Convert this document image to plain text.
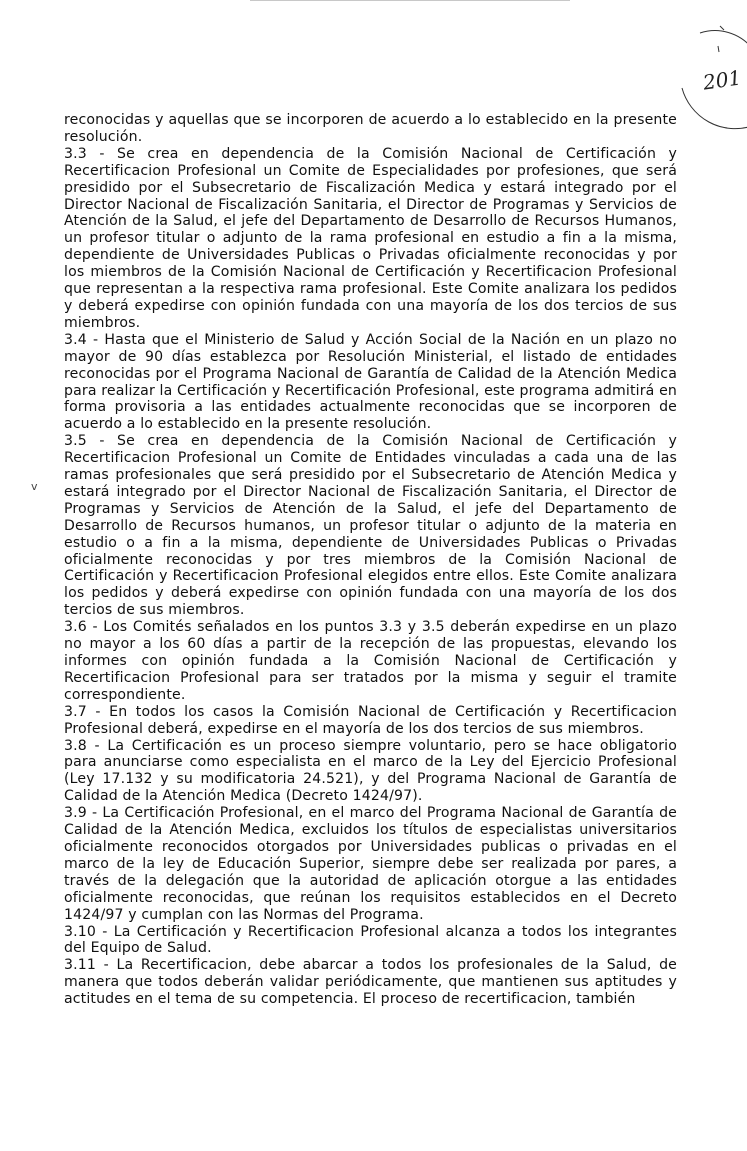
201
v

reconocidas y aquellas que se incorporen de acuerdo a lo establecido en la presente resolución.

3.3 - Se crea en dependencia de la Comisión Nacional de Certificación y Recertificacion Profesional un Comite de Especialidades por profesiones, que será presidido por el Subsecretario de Fiscalización Medica y estará integrado por el Director Nacional de Fiscalización Sanitaria, el Director de Programas y Servicios de Atención de la Salud, el jefe del Departamento de Desarrollo de Recursos Humanos, un profesor titular o adjunto de la rama profesional en estudio a fin a la misma, dependiente de Universidades Publicas o Privadas oficialmente reconocidas y por los miembros de la Comisión Nacional de Certificación y Recertificacion Profesional que representan a la respectiva rama profesional. Este Comite analizara los pedidos y deberá expedirse con opinión fundada con una mayoría de los dos tercios de sus miembros.

3.4 - Hasta que el Ministerio de Salud y Acción Social de la Nación en un plazo no mayor de 90 días establezca por Resolución Ministerial, el listado de entidades reconocidas por el Programa Nacional de Garantía de Calidad de la Atención Medica para realizar la Certificación y Recertificación Profesional, este programa admitirá en forma provisoria a las entidades actualmente reconocidas que se incorporen de acuerdo a lo establecido en la presente resolución.

3.5 - Se crea en dependencia de la Comisión Nacional de Certificación y Recertificacion Profesional un Comite de Entidades vinculadas a cada una de las ramas profesionales que será presidido por el Subsecretario de Atención Medica y estará integrado por el Director Nacional de Fiscalización Sanitaria, el Director de Programas y Servicios de Atención de la Salud, el jefe del Departamento de Desarrollo de Recursos humanos, un profesor titular o adjunto de la materia en estudio o a fin a la misma, dependiente de Universidades Publicas o Privadas oficialmente reconocidas y por tres miembros de la Comisión Nacional de Certificación y Recertificacion Profesional elegidos entre ellos. Este Comite analizara los pedidos y deberá expedirse con opinión fundada con una mayoría de los dos tercios de sus miembros.

3.6 - Los Comités señalados en los puntos 3.3 y 3.5 deberán expedirse en un plazo no mayor a los 60 días a partir de la recepción de las propuestas, elevando los informes con opinión fundada a la Comisión Nacional de Certificación y Recertificacion Profesional para ser tratados por la misma y seguir el tramite correspondiente.

3.7 - En todos los casos la Comisión Nacional de Certificación y Recertificacion Profesional deberá, expedirse en el mayoría de los dos tercios de sus miembros.

3.8 - La Certificación es un proceso siempre voluntario, pero se hace obligatorio para anunciarse como especialista en el marco de la Ley del Ejercicio Profesional (Ley 17.132 y su modificatoria 24.521), y del Programa Nacional de Garantía de Calidad de la Atención Medica (Decreto 1424/97).

3.9 - La Certificación Profesional, en el marco del Programa Nacional de Garantía de Calidad de la Atención Medica, excluidos los títulos de especialistas universitarios oficialmente reconocidos otorgados por Universidades publicas o privadas en el marco de la ley de Educación Superior, siempre debe ser realizada por pares, a través de la delegación que la autoridad de aplicación otorgue a las entidades oficialmente reconocidas, que reúnan los requisitos establecidos en el Decreto 1424/97 y cumplan con las Normas del Programa.

3.10 - La Certificación y Recertificacion Profesional alcanza a todos los integrantes del Equipo de Salud.

3.11 - La Recertificacion, debe abarcar a todos los profesionales de la Salud, de manera que todos deberán validar periódicamente, que mantienen sus aptitudes y actitudes en el tema de su competencia. El proceso de recertificacion, también
